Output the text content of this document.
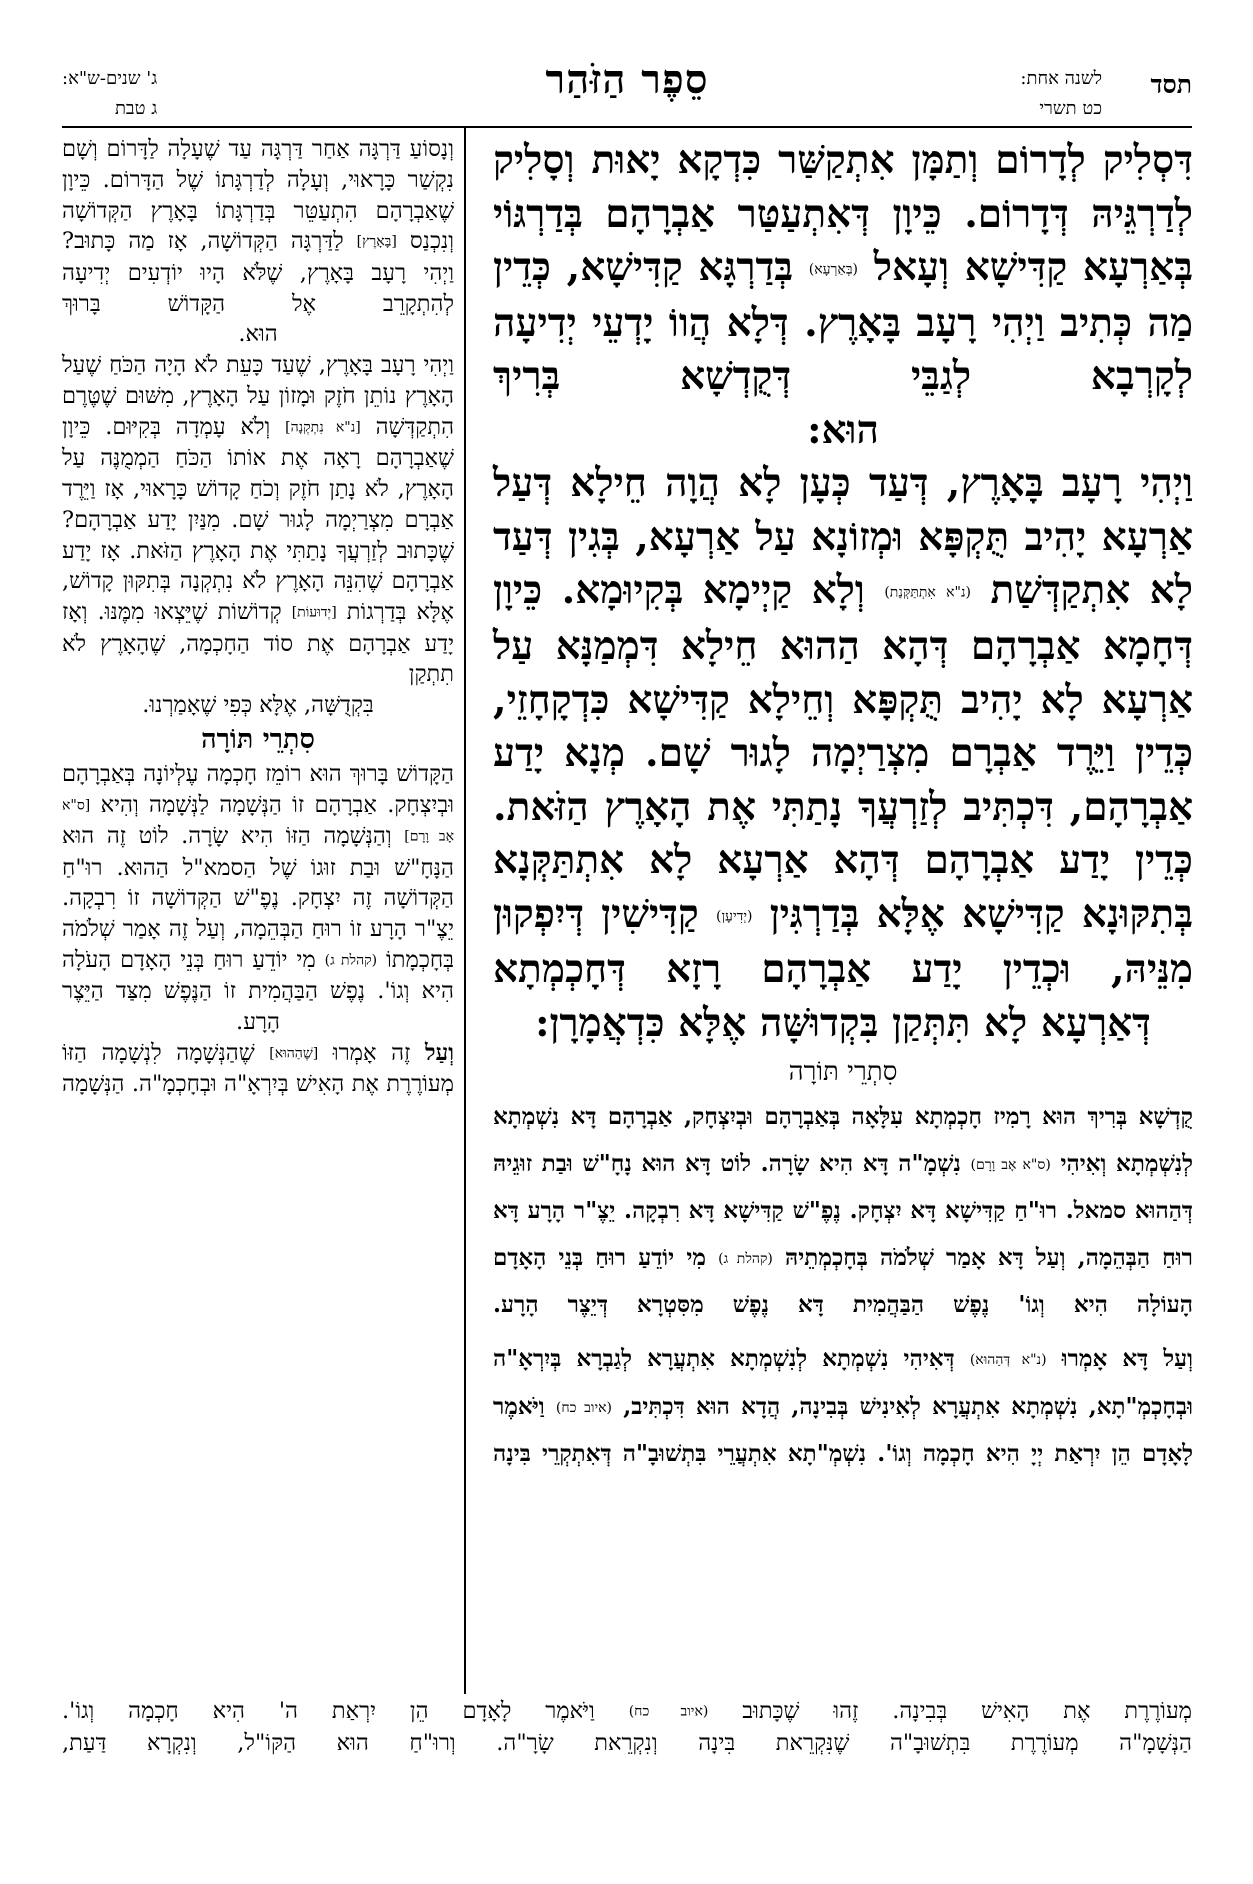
תסד
לשנה אחת:
כט תשרי
סֵפֶר הַזֹּהַר
ג' שנים-ש"א:
ג טבת

דִּסְלִיק לְדָרוֹם וְתַמָּן אִתְקַשַּׁר כִּדְקָא יָאוּת וְסָלִיק לְדַרְגֵּיהּ דְּדָרוֹם. כֵּיוָן דְּאִתְעַטַּר אַבְרָהָם בְּדַרְגּוֹי בְּאַרְעָא קַדִּישָׁא וְעָאל (בְּאַרְעָא) בְּדַרְגָּא קַדִּישָׁא, כְּדֵין מַה כְּתִיב וַיְהִי רָעָב בָּאָרֶץ. דְּלָא הֲווֹ יָדְעֵי יְדִיעָה לְקָרְבָא לְגַבֵּי דְּקֻדְשָׁא בְּרִיךְ

הוּא:

וַיְהִי רָעָב בָּאָרֶץ, דְּעַד כְּעָן לָא הֲוָה חֵילָא דְּעַל אַרְעָא יָהִיב תֻּקְפָּא וּמְזוֹנָא עַל אַרְעָא, בְּגִין דְּעַד לָא אִתְקַדְּשַׁת (נ"א אִתְתַּקְּנַת) וְלָא קַיְימָא בְּקִיוּמָא. כֵּיוָן דְּחָמָא אַבְרָהָם דְּהָא הַהוּא חֵילָא דִּמְמַנָּא עַל אַרְעָא לָא יָהִיב תֻּקְפָּא וְחֵילָא קַדִּישָׁא כִּדְקָחָזֵי, כְּדֵין וַיֵּרֶד אַבְרָם מִצְרַיְמָה לָגוּר שָׁם. מְנָא יָדַע אַבְרָהָם, דִּכְתִּיב לְזַרְעֲךָ נָתַתִּי אֶת הָאָרֶץ הַזֹּאת. כְּדֵין יָדַע אַבְרָהָם דְּהָא אַרְעָא לָא אִתְתַּקְּנָא בְּתִקּוּנָא קַדִּישָׁא אֶלָּא בְּדַרְגִּין (יְדִיעָן) קַדִּישִׁין דְּיִפְקוּן מִנֵּיהּ, וּכְדֵין יָדַע אַבְרָהָם רָזָא דְּחָכְמְתָא

דְּאַרְעָא לָא תִּתְּקַן בִּקְדוּשָּׁה אֶלָּא כִּדְאֲמָרָן:

סִתְרֵי תּוֹרָה

קֻדְשָׁא בְּרִיךְ הוּא רָמִיז חָכְמְתָא עִלָּאָה בְּאַבְרָהָם וּבְיִצְחָק, אַבְרָהָם דָּא נִשְׁמְתָא לְנִשְׁמְתָא וְאִיהִי (ס"א אָב וָרָם) נִשְׁמָ"ה דָּא הִיא שָׂרָה. לוֹט דָּא הוּא נָחָ"שׁ וּבַת זוּגֵיהּ דְּהַהוּא סמאל. רוּ"חַ קַדִּישָׁא דָּא יִצְחָק. נֶפֶ"שׁ קַדִּישָׁא דָּא רִבְקָה. יֵצֶ"ר הָרָע דָּא רוּחַ הַבְּהֵמָה, וְעַל דָּא אָמַר שְׁלֹמֹה בְּחָכְמְתֵיהּ (קהלת ג) מִי יוֹדֵעַ רוּחַ בְּנֵי הָאָדָם הָעוֹלָה הִיא וְגוֹ' נֶפֶשׁ הַבַּהֲמִית דָּא נֶפֶשׁ מִסִּטְרָא דְּיֵצֶר הָרָע.

וְעַל דָּא אָמְרוּ (נ"א דְּהַהוּא) דְּאִיהִי נִשְׁמְתָא לְנִשְׁמְתָא אִתְעֲרָא לְגַבְרָא בְּיִרְאָ"ה וּבְחָכְמְ"תָא, נִשְׁמְתָא אִתְעֲרָא לְאִינִישׁ בְּבִינָה, הֲדָא הוּא דִּכְתִּיב, (איוב כח) וַיֹּאמֶר לָאָדָם הֵן יִרְאַת יְיָ הִיא חָכְמָה וְגוֹ'. נִשְׁמְ"תָא אִתְעֲרֵי בִּתְשׁוּבָ"ה דְּאִתְקְרֵי בִּינָה

וְנָסוֹעַ דַּרְגָּה אַחַר דַּרְגָּה עַד שֶׁעָלָה לַדָּרוֹם וְשָׁם נִקְשַׁר כָּרָאוּי, וְעָלָה לְדַרְגָּתוֹ שֶׁל הַדָּרוֹם. כֵּיוָן שֶׁאַבְרָהָם הִתְעַטֵּר בְּדַרְגָּתוֹ בָּאָרֶץ הַקְּדוֹשָׁה וְנִכְנַס [בָּאָרֶץ] לַדַּרְגָּה הַקְּדוֹשָׁה, אָז מַה כָּתוּב? וַיְהִי רָעָב בָּאָרֶץ, שֶׁלֹּא הָיוּ יוֹדְעִים יְדִיעָה לְהִתְקָרֵב אֶל הַקָּדוֹשׁ בָּרוּךְ

הוּא.

וַיְהִי רָעָב בָּאָרֶץ, שֶׁעַד כָּעֵת לֹא הָיָה הַכֹּחַ שֶׁעַל הָאָרֶץ נוֹתֵן חֹזֶק וּמָזוֹן עַל הָאָרֶץ, מִשּׁוּם שֶׁטֶּרֶם הִתְקַדְּשָׁה [נ"א נִתְקְנָה] וְלֹא עָמְדָה בְּקִיּוּם. כֵּיוָן שֶׁאַבְרָהָם רָאָה אֶת אוֹתוֹ הַכֹּחַ הַמְמֻנֶּה עַל הָאָרֶץ, לֹא נָתַן חֹזֶק וְכֹחַ קָדוֹשׁ כָּרָאוּי, אָז וַיֵּרֶד אַבְרָם מִצְרַיְמָה לָגוּר שָׁם. מִנַּיִן יָדַע אַבְרָהָם? שֶׁכָּתוּב לְזַרְעֲךָ נָתַתִּי אֶת הָאָרֶץ הַזֹּאת. אָז יָדַע אַבְרָהָם שֶׁהִנֵּה הָאָרֶץ לֹא נִתְקְנָה בְּתִקּוּן קָדוֹשׁ, אֶלָּא בְּדַרְגוֹת [יְדוּעוֹת] קְדוֹשׁוֹת שֶׁיֵּצְאוּ מִמֶּנּוּ. וְאָז יָדַע אַבְרָהָם אֶת סוֹד הַחָכְמָה, שֶׁהָאָרֶץ לֹא תִתְקַן

בִּקְדֻשָּׁה, אֶלָּא כְּפִי שֶׁאָמַרְנוּ.

סִתְרֵי תּוֹרָה

הַקָּדוֹשׁ בָּרוּךְ הוּא רוֹמֵז חָכְמָה עֶלְיוֹנָה בְּאַבְרָהָם וּבְיִצְחָק. אַבְרָהָם זוֹ הַנְּשָׁמָה לַנְּשָׁמָה וְהִיא [ס"א אָב וָרָם] וְהַנְּשָׁמָה הַזּוֹ הִיא שָׂרָה. לוֹט זֶה הוּא הַנָּחָ"שׁ וּבַת זוּגוֹ שֶׁל הַסמא"ל הַהוּא. רוּ"חַ הַקְּדוֹשָׁה זֶה יִצְחָק. נֶפֶ"שׁ הַקְּדוֹשָׁה זוֹ רִבְקָה. יֵצֶ"ר הָרָע זוֹ רוּחַ הַבְּהֵמָה, וְעַל זֶה אָמַר שְׁלֹמֹה בְּחָכְמָתוֹ (קהלת ג) מִי יוֹדֵעַ רוּחַ בְּנֵי הָאָדָם הָעֹלָה הִיא וְגוֹ'. נֶפֶשׁ הַבַּהֲמִית זוֹ הַנֶּפֶשׁ מִצַּד הַיֵּצֶר

הָרָע.

וְעַל זֶה אָמְרוּ [שֶׁהַהוּא] שֶׁהַנְּשָׁמָה לִנְשָׁמָה הַזּוֹ מְעוֹרֶרֶת אֶת הָאִישׁ בְּיִרְאָ"ה וּבְחָכְמָ"ה. הַנְּשָׁמָה

מְעוֹרֶרֶת אֶת הָאִישׁ בְּבִינָה. זֶהוּ שֶׁכָּתוּב (איוב כח) וַיֹּאמֶר לָאָדָם הֵן יִרְאַת ה' הִיא חָכְמָה וְגוֹ'.

הַנְּשָׁמָ"ה מְעוֹרֶרֶת בִּתְשׁוּבָ"ה שֶׁנִּקְרֵאת בִּינָה וְנִקְרֵאת שָׂרָ"ה. וְרוּ"חַ הוּא הַקּוֹ"ל, וְנִקְרָא דַּעַת,
